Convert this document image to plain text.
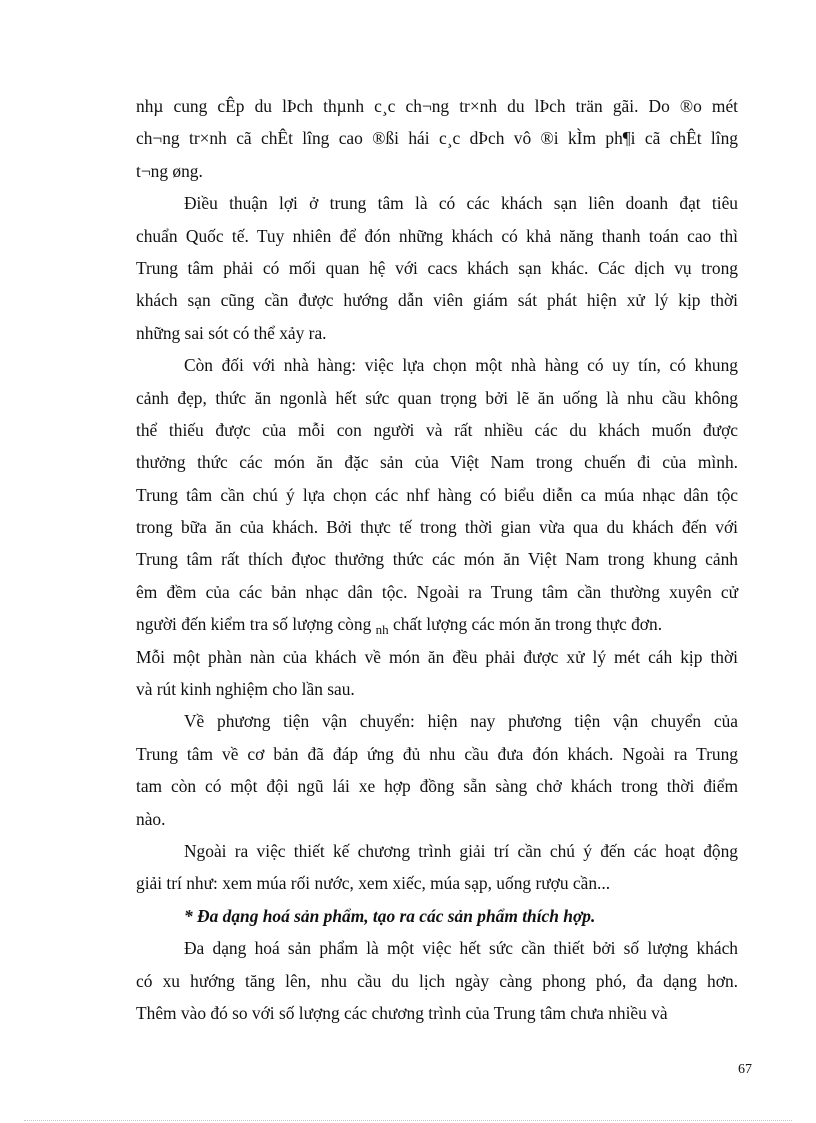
nhµ cung cÊp du lÞch thµnh c¸c ch¬ng tr×nh du lÞch trän gãi. Do ®o mét
ch¬ng tr×nh cã chÊt lîng cao ®ßi hái c¸c dÞch vô ®i kÌm ph¶i cã chÊt lîng
t¬ng øng.
Điều thuận lợi ở trung tâm là có các khách sạn liên doanh đạt tiêu
chuẩn Quốc tế. Tuy nhiên để đón những khách có khả năng thanh toán cao thì
Trung tâm phải có mối quan hệ với cacs khách sạn khác. Các dịch vụ trong
khách sạn cũng cần được hướng dẫn viên giám sát phát hiện xử lý kịp thời
những sai sót có thể xảy ra.
Còn đối với nhà hàng: việc lựa chọn một nhà hàng có uy tín, có khung
cảnh đẹp, thức ăn ngonlà hết sức quan trọng bởi lẽ ăn uống là nhu cầu không
thể thiếu được của mỗi con người và rất nhiều các du khách muốn được
thưởng thức các món ăn đặc sản của Việt Nam trong chuến đi của mình.
Trung tâm cần chú ý lựa chọn các nhf hàng có biểu diễn ca múa nhạc dân tộc
trong bữa ăn của khách. Bởi thực tế trong thời gian vừa qua du khách đến với
Trung tâm rất thích đựoc thưởng thức các món ăn Việt Nam trong khung cảnh
êm đềm của các bản nhạc dân tộc. Ngoài ra Trung tâm cần thường xuyên cử
người đến kiểm tra số lượng còng $_{nh}$ chất lượng các món ăn trong thực đơn.
Mỗi một phàn nàn của khách về món ăn đều phải được xử lý mét cáh kịp thời
và rút kinh nghiệm cho lần sau.
Về phương tiện vận chuyển: hiện nay phương tiện vận chuyển của
Trung tâm về cơ bản đã đáp ứng đủ nhu cầu đưa đón khách. Ngoài ra Trung
tam còn có một đội ngũ lái xe hợp đồng sẵn sàng chở khách trong thời điểm
nào.
Ngoài ra việc thiết kế chương trình giải trí cần chú ý đến các hoạt động
giải trí như: xem múa rối nước, xem xiếc, múa sạp, uống rượu cần...
* Đa dạng hoá sản phẩm, tạo ra các sản phẩm thích hợp.
Đa dạng hoá sản phẩm là một việc hết sức cần thiết bởi số lượng khách
có xu hướng tăng lên, nhu cầu du lịch ngày càng phong phó, đa dạng hơn.
Thêm vào đó so với số lượng các chương trình của Trung tâm chưa nhiều và
67
